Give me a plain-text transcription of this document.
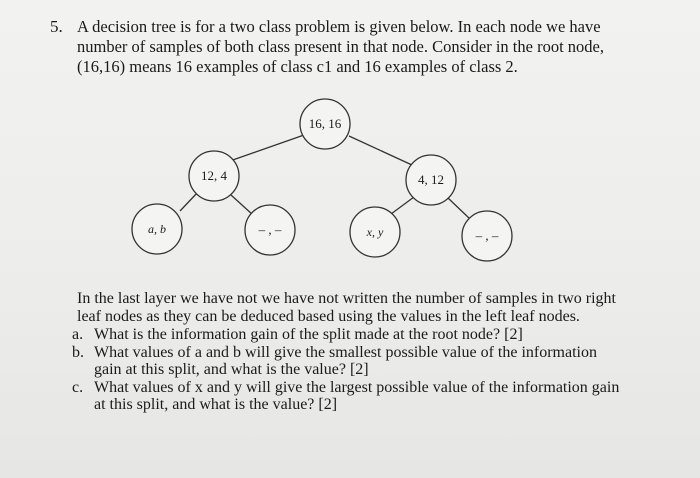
5. A decision tree is for a two class problem is given below. In each node we have
number of samples of both class present in that node. Consider in the root node,
(16,16) means 16 examples of class c1 and 16 examples of class 2.
16, 16
12, 4	4, 12
a, b	– , –	x, y	– , –
In the last layer we have not we have not written the number of samples in two right
leaf nodes as they can be deduced based using the values in the left leaf nodes.
a. What is the information gain of the split made at the root node? [2]
b. What values of a and b will give the smallest possible value of the information
gain at this split, and what is the value? [2]
c. What values of x and y will give the largest possible value of the information gain
at this split, and what is the value? [2]
